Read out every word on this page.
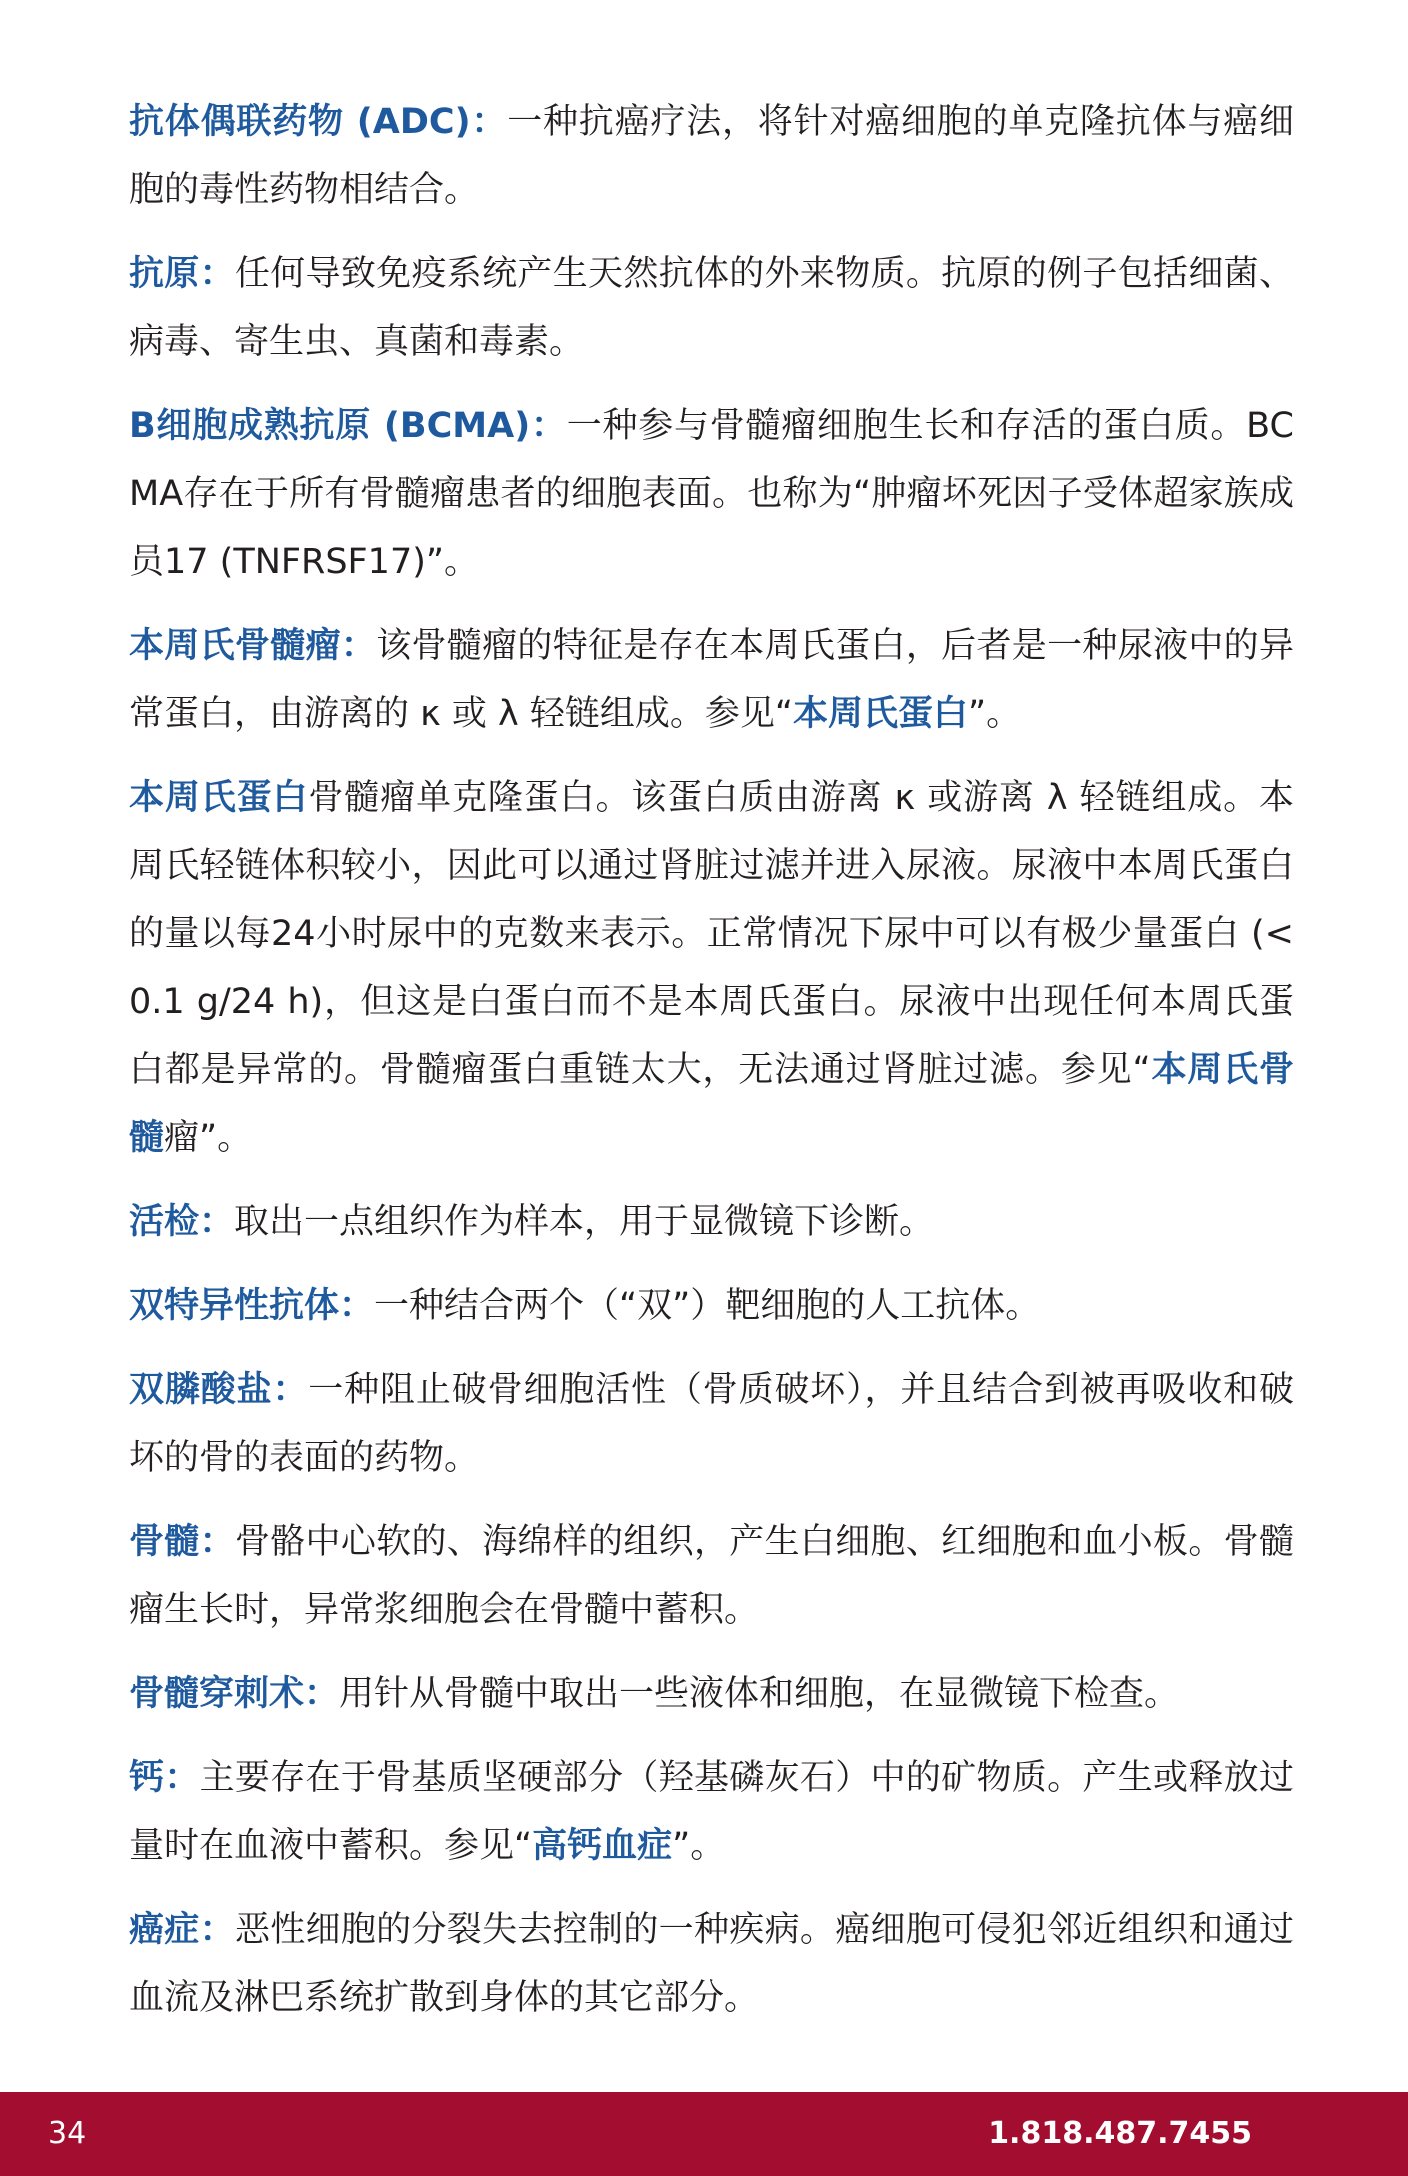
抗体偶联药物 (ADC)：一种抗癌疗法，将针对癌细胞的单克隆抗体与癌细胞的毒性药物相结合。

抗原：任何导致免疫系统产生天然抗体的外来物质。抗原的例子包括细菌、病毒、寄生虫、真菌和毒素。

B细胞成熟抗原 (BCMA)：一种参与骨髓瘤细胞生长和存活的蛋白质。BCMA存在于所有骨髓瘤患者的细胞表面。也称为“肿瘤坏死因子受体超家族成员17 (TNFRSF17)”。

本周氏骨髓瘤：该骨髓瘤的特征是存在本周氏蛋白，后者是一种尿液中的异常蛋白，由游离的 κ 或 λ 轻链组成。参见“本周氏蛋白”。

本周氏蛋白骨髓瘤单克隆蛋白。该蛋白质由游离 κ 或游离 λ 轻链组成。本周氏轻链体积较小，因此可以通过肾脏过滤并进入尿液。尿液中本周氏蛋白的量以每24小时尿中的克数来表示。正常情况下尿中可以有极少量蛋白 (<0.1 g/24 h)，但这是白蛋白而不是本周氏蛋白。尿液中出现任何本周氏蛋白都是异常的。骨髓瘤蛋白重链太大，无法通过肾脏过滤。参见“本周氏骨髓瘤”。

活检：取出一点组织作为样本，用于显微镜下诊断。

双特异性抗体：一种结合两个（“双”）靶细胞的人工抗体。

双膦酸盐：一种阻止破骨细胞活性（骨质破坏），并且结合到被再吸收和破坏的骨的表面的药物。

骨髓：骨骼中心软的、海绵样的组织，产生白细胞、红细胞和血小板。骨髓瘤生长时，异常浆细胞会在骨髓中蓄积。

骨髓穿刺术：用针从骨髓中取出一些液体和细胞，在显微镜下检查。

钙：主要存在于骨基质坚硬部分（羟基磷灰石）中的矿物质。产生或释放过量时在血液中蓄积。参见“高钙血症”。

癌症：恶性细胞的分裂失去控制的一种疾病。癌细胞可侵犯邻近组织和通过血流及淋巴系统扩散到身体的其它部分。

34	1.818.487.7455
